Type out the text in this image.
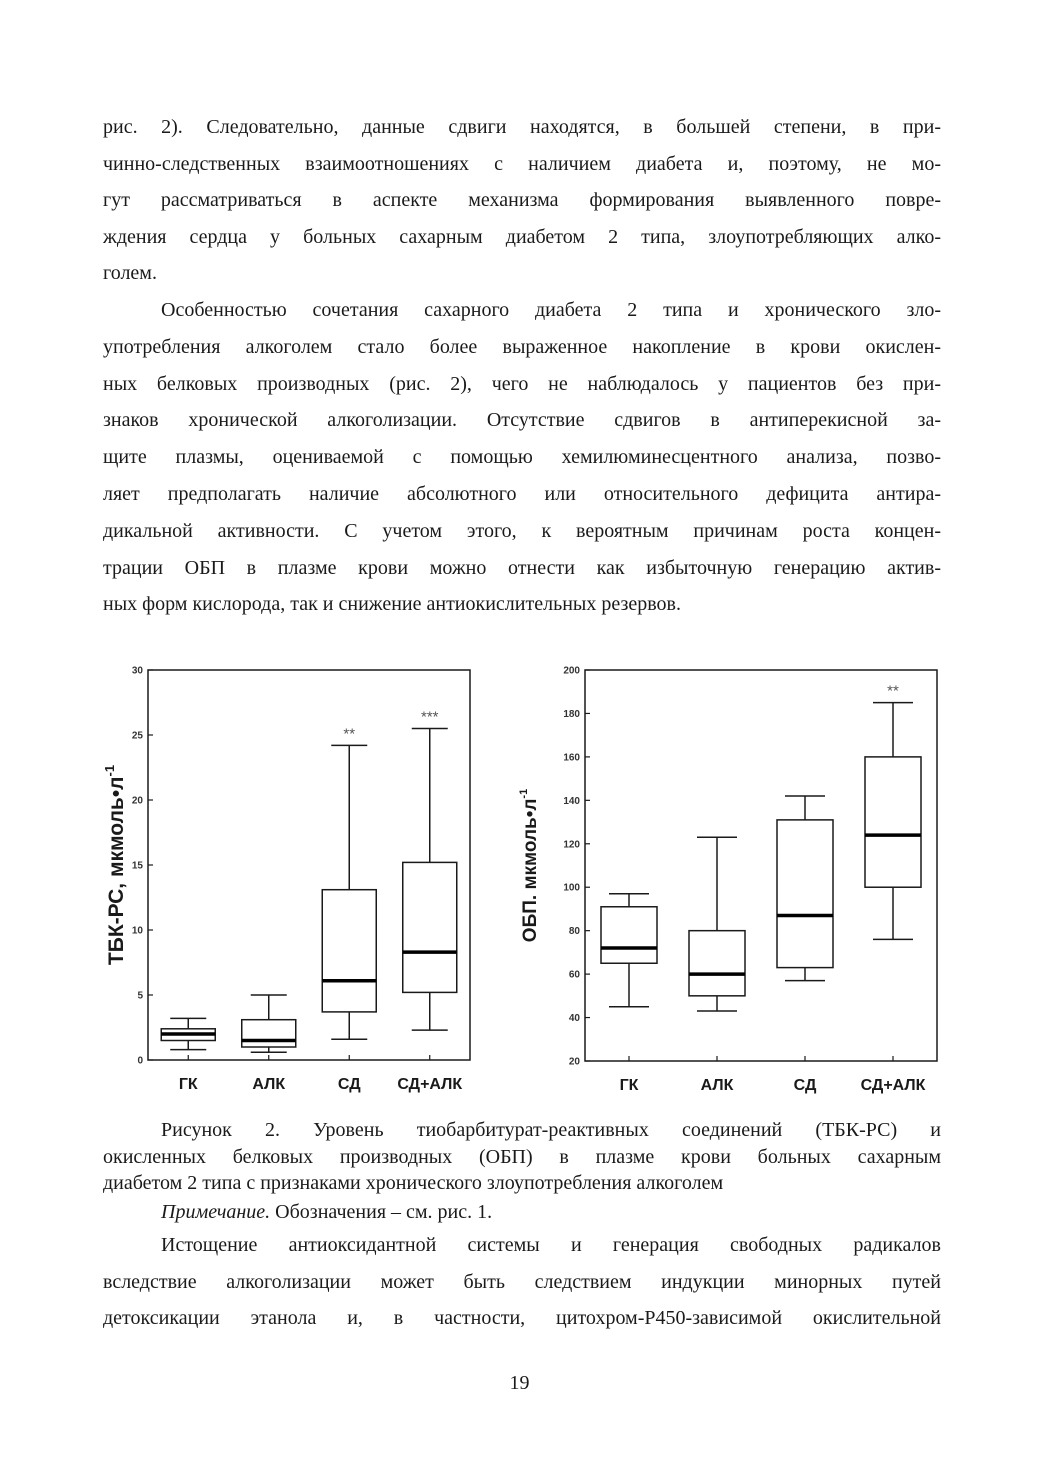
рис. 2). Следовательно, данные сдвиги находятся, в большей степени, в при-

чинно-следственных взаимоотношениях с наличием диабета и, поэтому, не мо-

гут рассматриваться в аспекте механизма формирования выявленного повре-

ждения сердца у больных сахарным диабетом 2 типа, злоупотребляющих алко-

голем.

Особенностью сочетания сахарного диабета 2 типа и хронического зло-

употребления алкоголем стало более выраженное накопление в крови окислен-

ных белковых производных (рис. 2), чего не наблюдалось у пациентов без при-

знаков хронической алкоголизации. Отсутствие сдвигов в антиперекисной за-

щите плазмы, оцениваемой с помощью хемилюминесцентного анализа, позво-

ляет предполагать наличие абсолютного или относительного дефицита антира-

дикальной активности. С учетом этого, к вероятным причинам роста концен-

трации ОБП в плазме крови можно отнести как избыточную генерацию актив-

ных форм кислорода, так и снижение антиокислительных резервов.

0
5
10
15
20
25
30
ГК	АЛК	СД СД+АЛК
**
***
ТБК-РС, $мкмоль•л^{-1}$
20
40
60
80
100
120
140
160
180
200
ГК	АЛК	СД	СД+АЛК
**
ОБП. $мкмоль•л^{-1}$

Рисунок 2. Уровень тиобарбитурат-реактивных соединений (ТБК-РС) и

окисленных белковых производных (ОБП) в плазме крови больных сахарным

диабетом 2 типа с признаками хронического злоупотребления алкоголем

Примечание. Обозначения – см. рис. 1.

Истощение антиоксидантной системы и генерация свободных радикалов

вследствие алкоголизации может быть следствием индукции минорных путей

детоксикации этанола и, в частности, цитохром-Р450-зависимой окислительной

19
